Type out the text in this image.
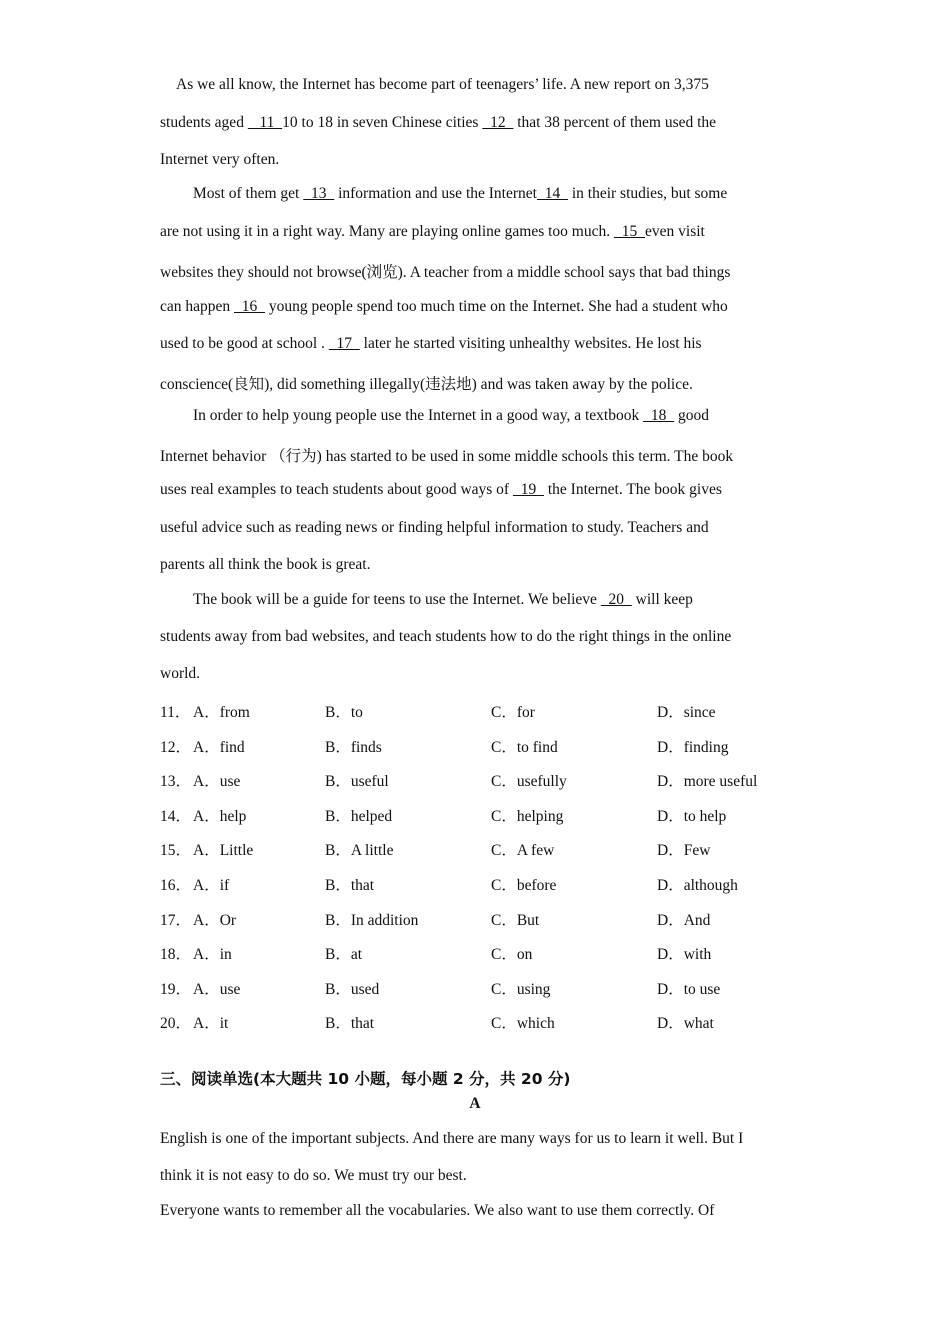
As we all know, the Internet has become part of teenagers’ life. A new report on 3,375
students aged    11  10 to 18 in seven Chinese cities   12   that 38 percent of them used the
Internet very often.
Most of them get   13   information and use the Internet  14   in their studies, but some
are not using it in a right way. Many are playing online games too much.   15  even visit
websites they should not browse(浏览). A teacher from a middle school says that bad things
can happen   16   young people spend too much time on the Internet. She had a student who
used to be good at school .   17   later he started visiting unhealthy websites. He lost his
conscience(良知), did something illegally(违法地) and was taken away by the police.
In order to help young people use the Internet in a good way, a textbook   18   good
Internet behavior （行为) has started to be used in some middle schools this term. The book
uses real examples to teach students about good ways of   19   the Internet. The book gives
useful advice such as reading news or finding helpful information to study. Teachers and
parents all think the book is great.
The book will be a guide for teens to use the Internet. We believe   20   will keep
students away from bad websites, and teach students how to do the right things in the online
world.
11． A．from	B．to	C．for	D．since
12． A．find	B．finds	C．to find	D．finding
13． A．use	B．useful	C．usefully	D．more useful
14． A．help	B．helped	C．helping	D．to help
15． A．Little	B．A little	C．A few	D．Few
16． A．if	B．that	C．before	D．although
17． A．Or	B．In addition	C．But	D．And
18． A．in	B．at	C．on	D．with
19． A．use	B．used	C．using	D．to use
20． A．it	B．that	C．which	D．what
三、阅读单选(本大题共 10 小题，每小题 2 分，共 20 分)
A
English is one of the important subjects. And there are many ways for us to learn it well. But I
think it is not easy to do so. We must try our best.
Everyone wants to remember all the vocabularies. We also want to use them correctly. Of
